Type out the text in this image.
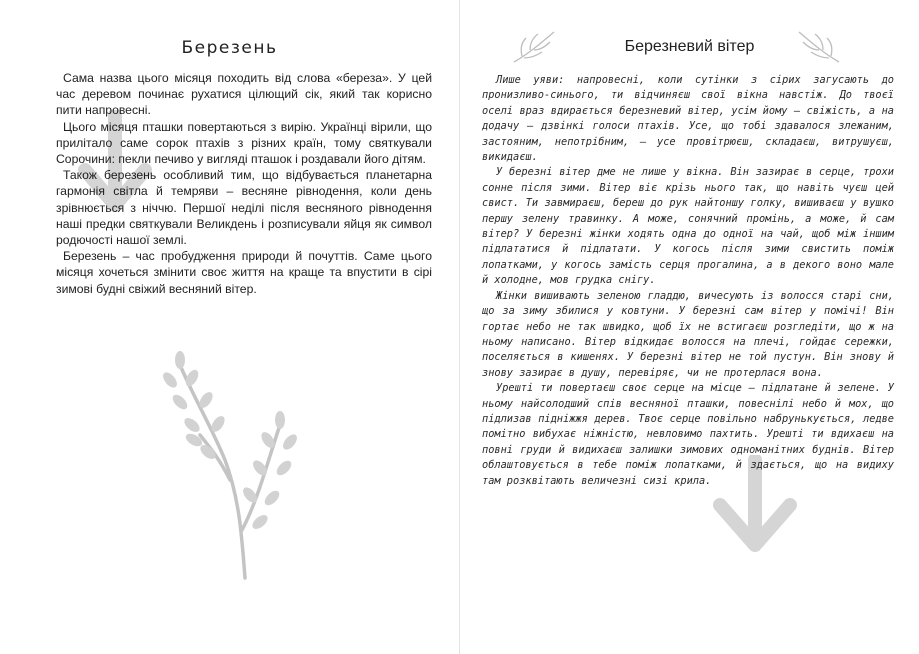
Березень

Сама назва цього місяця походить від слова «береза». У цей час деревом починає рухатися цілющий сік, який так корисно пити напровесні.

Цього місяця пташки повертаються з вирію. Українці вірили, що прилітало саме сорок птахів з різних країн, тому святкували Сорочини: пекли печиво у вигляді пташок і роздавали його дітям.

Також березень особливий тим, що відбувається планетарна гармонія світла й темряви – весняне рівнодення, коли день зрівнюється з ніччю. Першої неділі після весняного рівнодення наші предки святкували Великдень і розписували яйця як символ родючості нашої землі.

Березень – час пробудження природи й почуттів. Саме цього місяця хочеться змінити своє життя на краще та впустити в сірі зимові будні свіжий весняний вітер.

Березневий вітер

Лише уяви: напровесні, коли сутінки з сірих загусають до пронизливо-синього, ти відчиняєш свої вікна навстіж. До твоєї оселі враз вдирається березневий вітер, усім йому – свіжість, а на додачу – дзвінкі голоси птахів. Усе, що тобі здавалося злежаним, застояним, непотрібним, – усе провітрюєш, складаєш, витрушуєш, викидаєш.

У березні вітер дме не лише у вікна. Він зазирає в серце, трохи сонне після зими. Вітер віє крізь нього так, що навіть чуєш цей свист. Ти завмираєш, береш до рук найтоншу голку, вишиваєш у вушко першу зелену травинку. А може, сонячний промінь, а може, й сам вітер? У березні жінки ходять одна до одної на чай, щоб між іншим підлататися й підлатати. У когось після зими свистить поміж лопатками, у когось замість серця прогалина, а в декого воно мале й холодне, мов грудка снігу.

Жінки вишивають зеленою гладдю, вичесують із волосся старі сни, що за зиму збилися у ковтуни. У березні сам вітер у помічі! Він гортає небо не так швидко, щоб їх не встигаєш розгледіти, що ж на ньому написано. Вітер відкидає волосся на плечі, гойдає сережки, поселяється в кишенях. У березні вітер не той пустун. Він знову й знову зазирає в душу, перевіряє, чи не протерлася вона.

Урешті ти повертаєш своє серце на місце – підлатане й зелене. У ньому найсолодший спів весняної пташки, повеснілі небо й мох, що підлизав підніжжя дерев. Твоє серце повільно набрунькується, ледве помітно вибухає ніжністю, невловимо пахтить. Урешті ти вдихаєш на повні груди й видихаєш залишки зимових одноманітних буднів. Вітер облаштовується в тебе поміж лопатками, й здається, що на видиху там розквітають величезні сизі крила.
